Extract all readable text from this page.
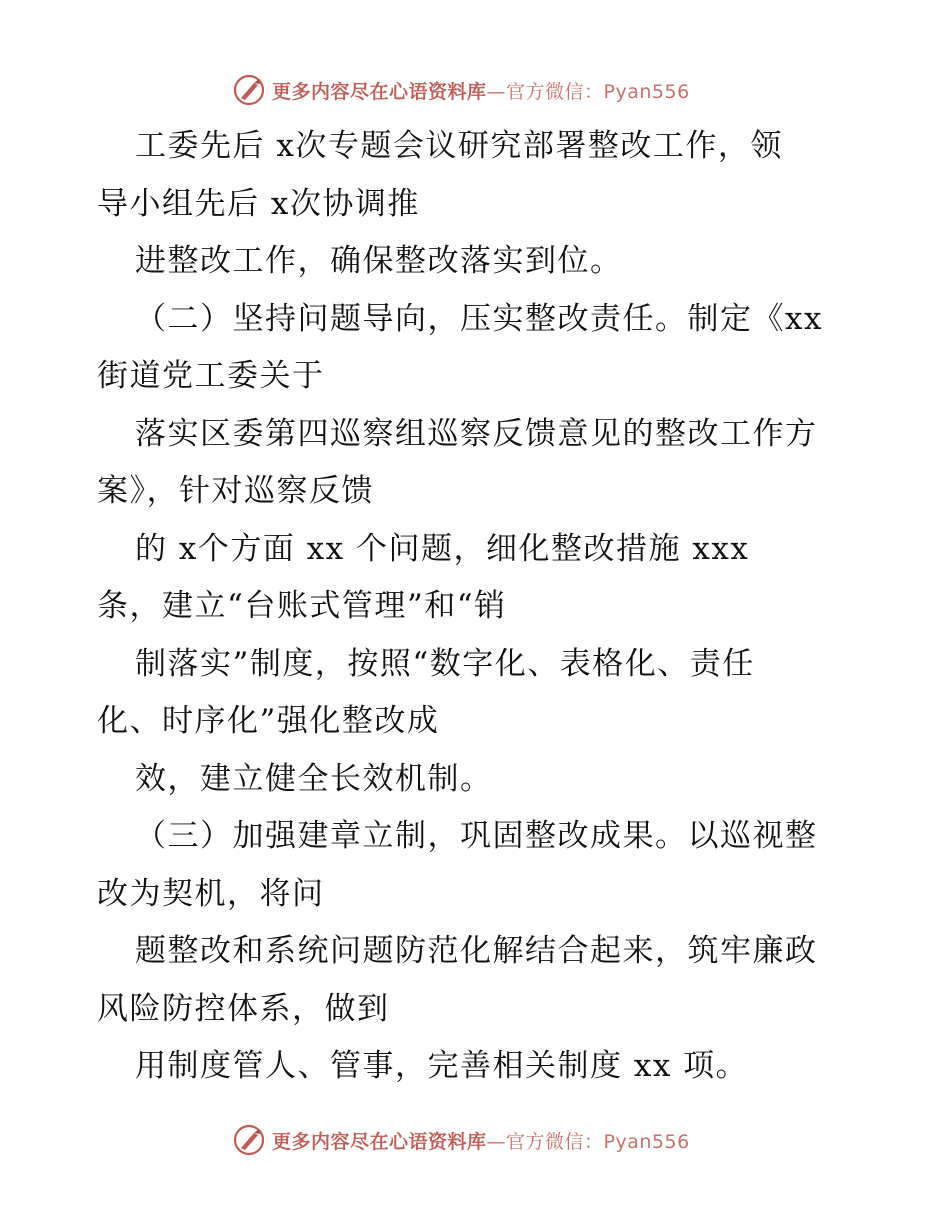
更多内容尽在心语资料库—官方微信：Pyan556
工委先后 x次专题会议研究部署整改工作，领
导小组先后 x次协调推
进整改工作，确保整改落实到位。
（二）坚持问题导向，压实整改责任。制定《xx
街道党工委关于
落实区委第四巡察组巡察反馈意见的整改工作方
案》，针对巡察反馈
的 x个方面 xx 个问题，细化整改措施 xxx
条，建立“台账式管理”和“销
制落实”制度，按照“数字化、表格化、责任
化、时序化”强化整改成
效，建立健全长效机制。
（三）加强建章立制，巩固整改成果。以巡视整
改为契机，将问
题整改和系统问题防范化解结合起来，筑牢廉政
风险防控体系，做到
用制度管人、管事，完善相关制度 xx 项。
更多内容尽在心语资料库—官方微信：Pyan556
